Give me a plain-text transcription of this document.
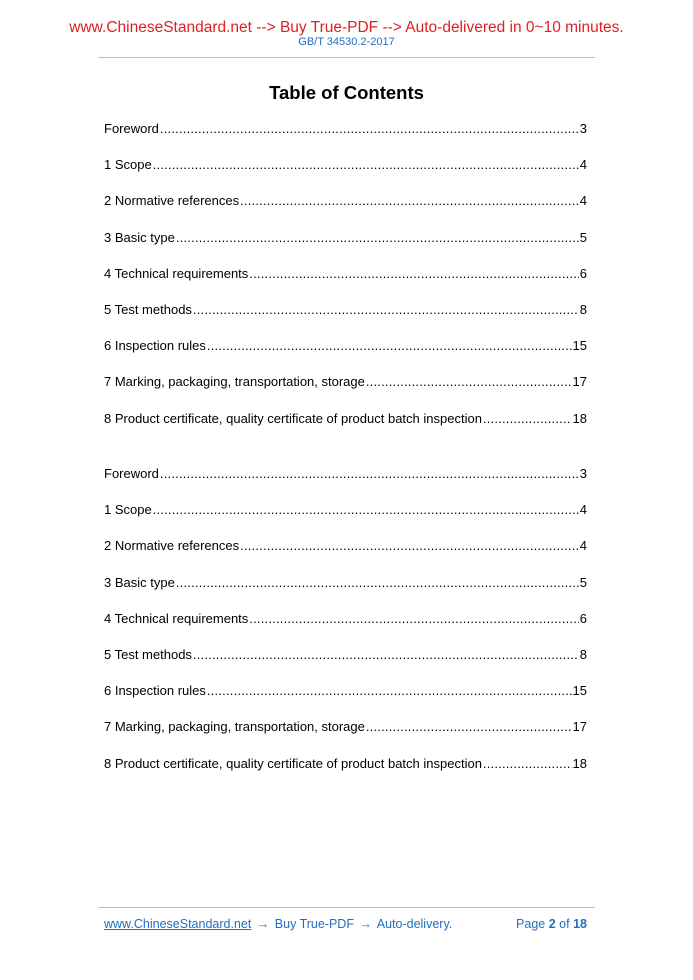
www.ChineseStandard.net --> Buy True-PDF --> Auto-delivered in 0~10 minutes.
GB/T 34530.2-2017
Table of Contents
Foreword .....	3
1 Scope .....	4
2 Normative references .....	4
3 Basic type .....	5
4 Technical requirements .....	6
5 Test methods .....	8
6 Inspection rules .....	15
7 Marking, packaging, transportation, storage .....	17
8 Product certificate, quality certificate of product batch inspection .....	18
Foreword .....	3
1 Scope .....	4
2 Normative references .....	4
3 Basic type .....	5
4 Technical requirements .....	6
5 Test methods .....	8
6 Inspection rules .....	15
7 Marking, packaging, transportation, storage .....	17
8 Product certificate, quality certificate of product batch inspection .....	18
www.ChineseStandard.net → Buy True-PDF → Auto-delivery.	Page 2 of 18
